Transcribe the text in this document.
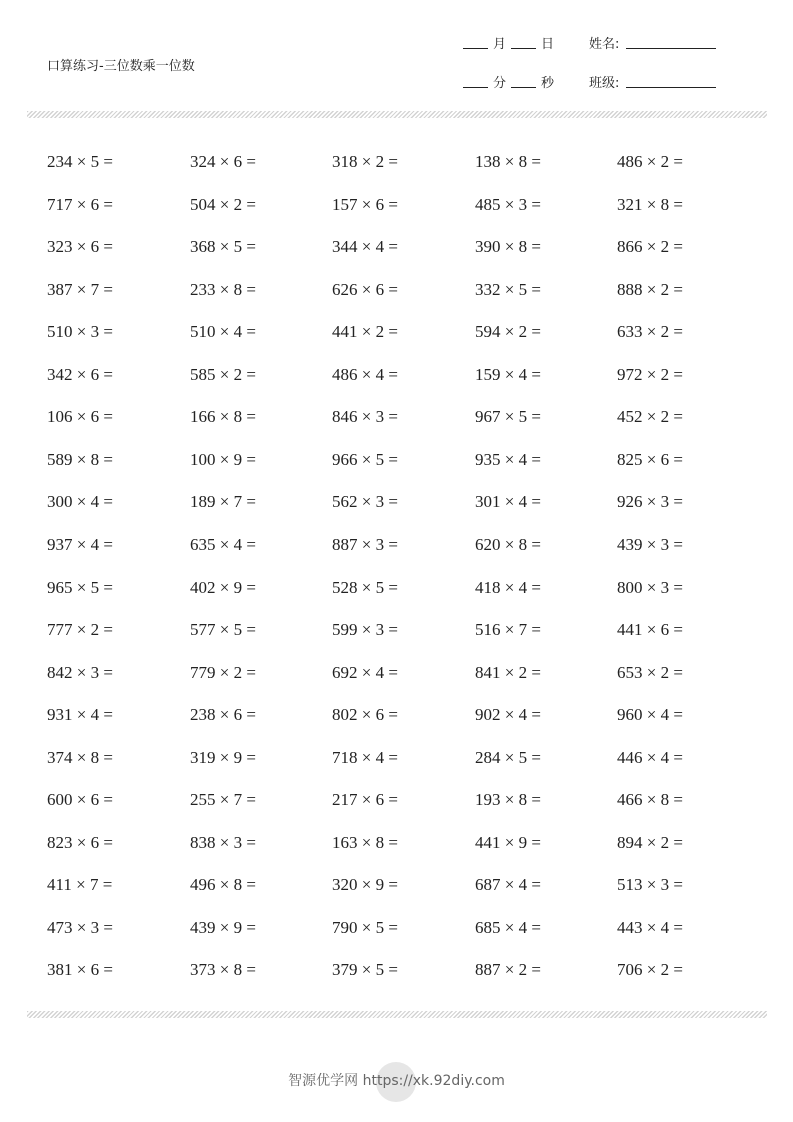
口算练习-三位数乘一位数
月	日	姓名:
分	秒	班级:
234 × 5 =	324 × 6 =	318 × 2 =	138 × 8 =	486 × 2 =
717 × 6 =	504 × 2 =	157 × 6 =	485 × 3 =	321 × 8 =
323 × 6 =	368 × 5 =	344 × 4 =	390 × 8 =	866 × 2 =
387 × 7 =	233 × 8 =	626 × 6 =	332 × 5 =	888 × 2 =
510 × 3 =	510 × 4 =	441 × 2 =	594 × 2 =	633 × 2 =
342 × 6 =	585 × 2 =	486 × 4 =	159 × 4 =	972 × 2 =
106 × 6 =	166 × 8 =	846 × 3 =	967 × 5 =	452 × 2 =
589 × 8 =	100 × 9 =	966 × 5 =	935 × 4 =	825 × 6 =
300 × 4 =	189 × 7 =	562 × 3 =	301 × 4 =	926 × 3 =
937 × 4 =	635 × 4 =	887 × 3 =	620 × 8 =	439 × 3 =
965 × 5 =	402 × 9 =	528 × 5 =	418 × 4 =	800 × 3 =
777 × 2 =	577 × 5 =	599 × 3 =	516 × 7 =	441 × 6 =
842 × 3 =	779 × 2 =	692 × 4 =	841 × 2 =	653 × 2 =
931 × 4 =	238 × 6 =	802 × 6 =	902 × 4 =	960 × 4 =
374 × 8 =	319 × 9 =	718 × 4 =	284 × 5 =	446 × 4 =
600 × 6 =	255 × 7 =	217 × 6 =	193 × 8 =	466 × 8 =
823 × 6 =	838 × 3 =	163 × 8 =	441 × 9 =	894 × 2 =
411 × 7 =	496 × 8 =	320 × 9 =	687 × 4 =	513 × 3 =
473 × 3 =	439 × 9 =	790 × 5 =	685 × 4 =	443 × 4 =
381 × 6 =	373 × 8 =	379 × 5 =	887 × 2 =	706 × 2 =
智源优学网 https://xk.92diy.com
